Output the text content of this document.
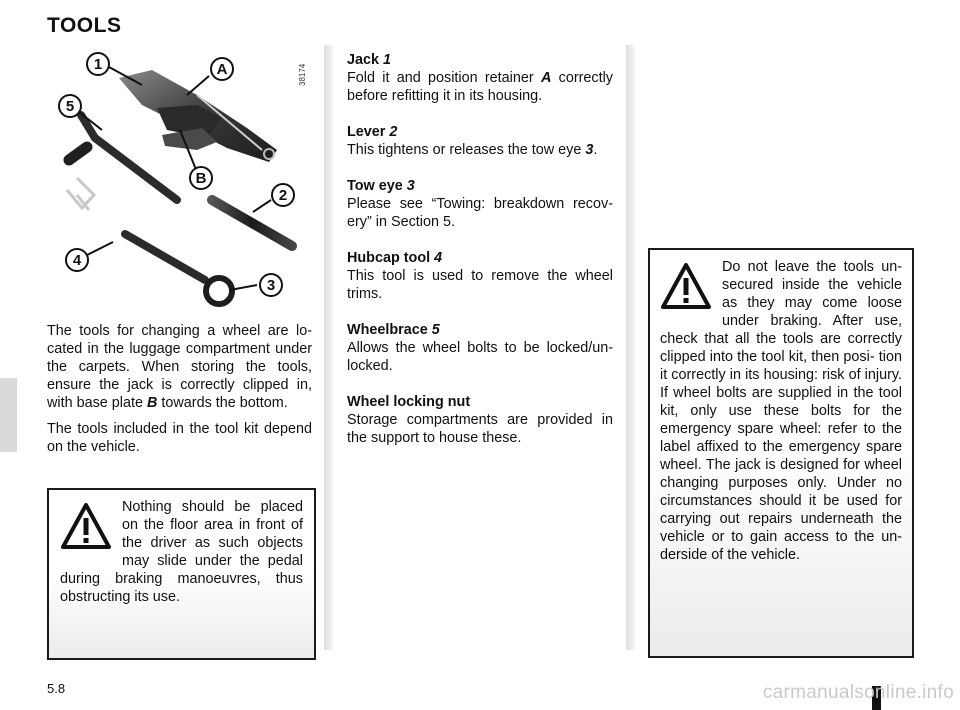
TOOLS
1	A
5
B
2
4
3
38174

The tools for changing a wheel are lo- cated in the luggage compartment under the carpets. When storing the tools, ensure the jack is correctly clipped in, with base plate B towards the bottom.

The tools included in the tool kit depend on the vehicle.

Nothing should be placed on the floor area in front of the driver as such objects may slide under the pedal during braking manoeuvres, thus obstructing its use.
Jack 1
Fold it and position retainer A correctly before refitting it in its housing.
Lever 2
This tightens or releases the tow eye 3.
Tow eye 3
Please see “Towing: breakdown recov- ery” in Section 5.
Hubcap tool 4
This tool is used to remove the wheel trims.
Wheelbrace 5
Allows the wheel bolts to be locked/un- locked.
Wheel locking nut
Storage compartments are provided in the support to house these.
Do not leave the tools un- secured inside the vehicle as they may come loose under braking. After use, check that all the tools are correctly clipped into the tool kit, then posi- tion it correctly in its housing: risk of injury. If wheel bolts are supplied in the tool kit, only use these bolts for the emergency spare wheel: refer to the label affixed to the emergency spare wheel. The jack is designed for wheel changing purposes only. Under no circumstances should it be used for carrying out repairs underneath the vehicle or to gain access to the un- derside of the vehicle.
5.8	carmanualsonline.info
